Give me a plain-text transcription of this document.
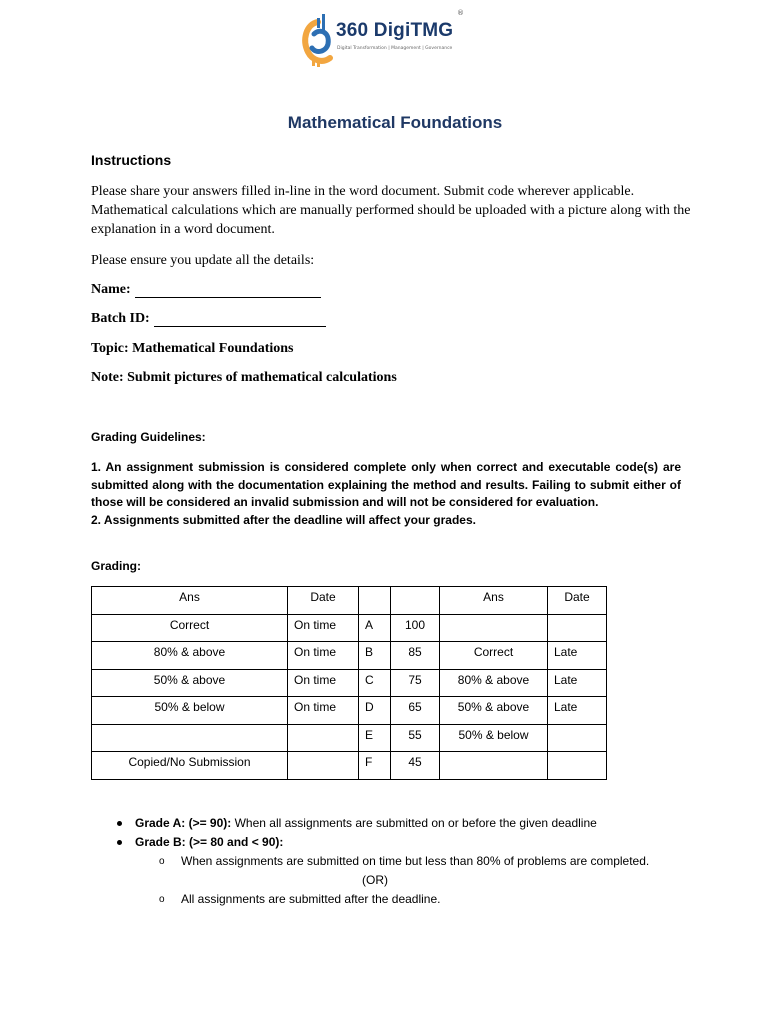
360 DigiTMG
®
Digital Transformation | Management | Governance
Mathematical Foundations
Instructions
Please share your answers filled in-line in the word document. Submit code wherever applicable. Mathematical calculations which are manually performed should be uploaded with a picture along with the explanation in a word document.
Please ensure you update all the details:
Name:
Batch ID:
Topic: Mathematical Foundations
Note: Submit pictures of mathematical calculations
Grading Guidelines:

1. An assignment submission is considered complete only when correct and executable code(s) are submitted along with the documentation explaining the method and results. Failing to submit either of those will be considered an invalid submission and will not be considered for evaluation.

2. Assignments submitted after the deadline will affect your grades.

Grading:
Ans	Date			Ans	Date
Correct	On time	A	100		
80% & above	On time	B	85	Correct	Late
50% & above	On time	C	75	80% & above	Late
50% & below	On time	D	65	50% & above	Late
		E	55	50% & below	
Copied/No Submission		F	45		
Grade A: (>= 90): When all assignments are submitted on or before the given deadline
Grade B: (>= 80 and < 90):
o When assignments are submitted on time but less than 80% of problems are completed.
(OR)
o All assignments are submitted after the deadline.
